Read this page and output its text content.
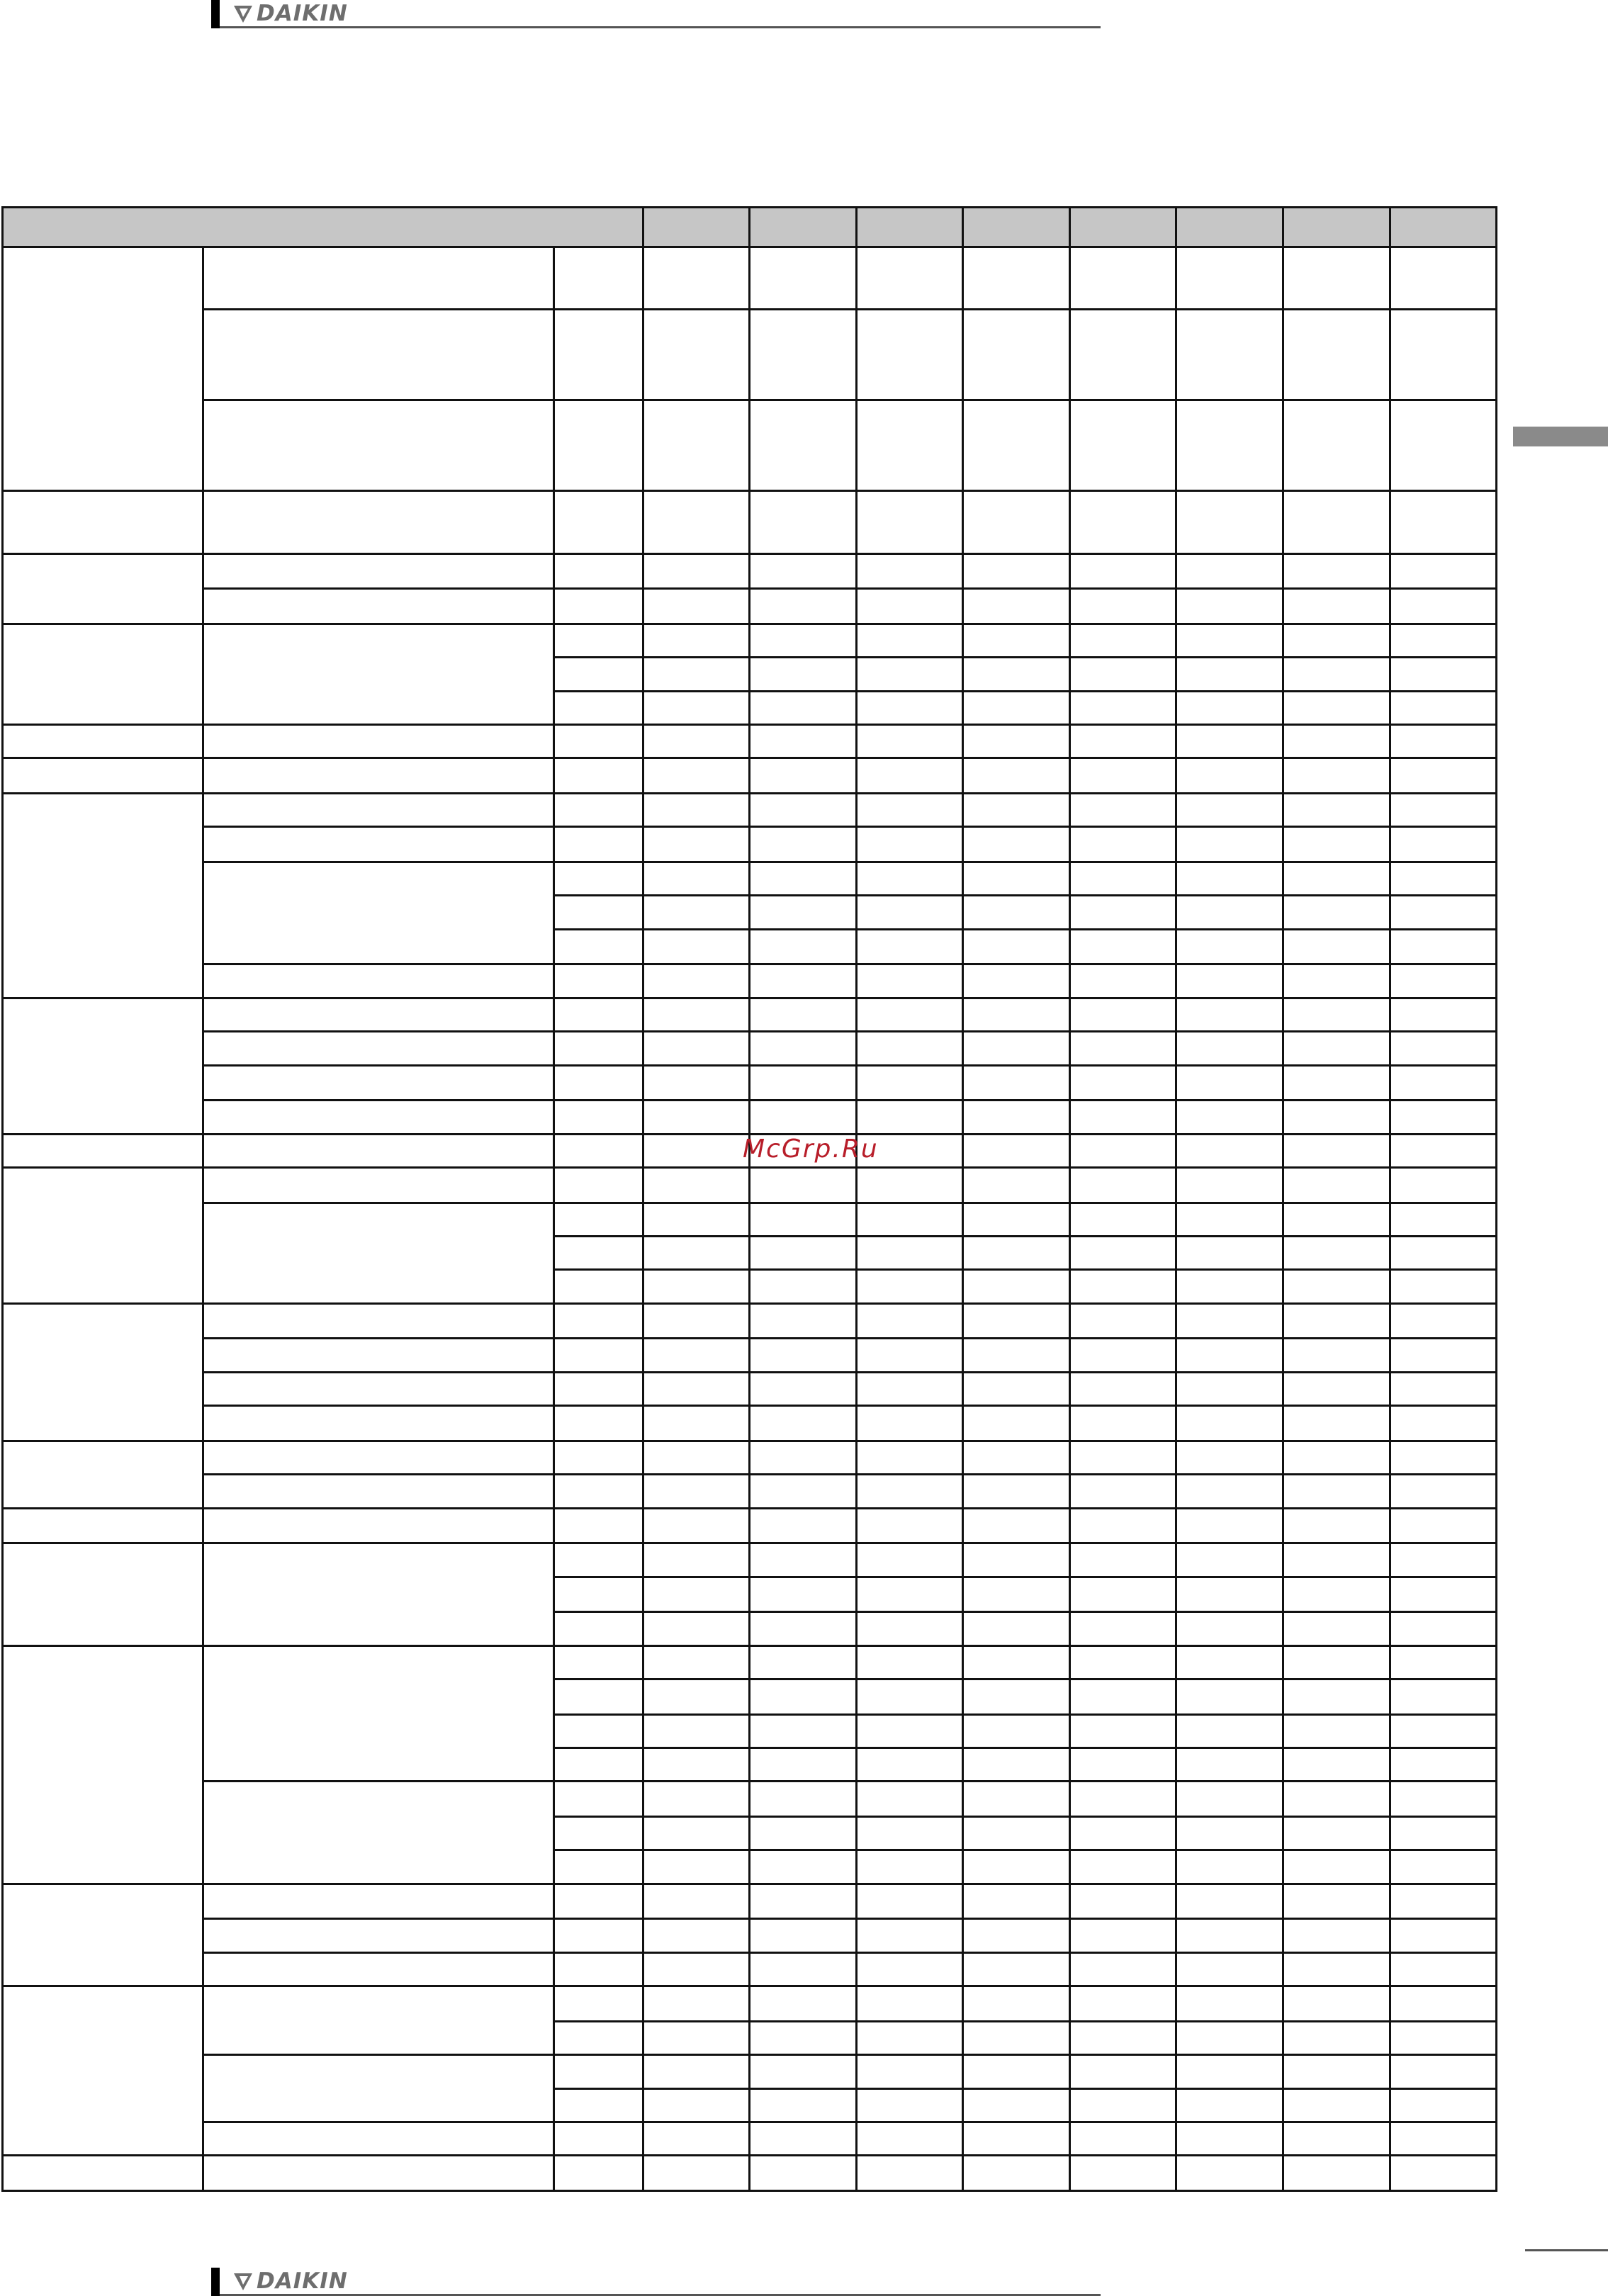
DAIKIN
McGrp.Ru
DAIKIN
